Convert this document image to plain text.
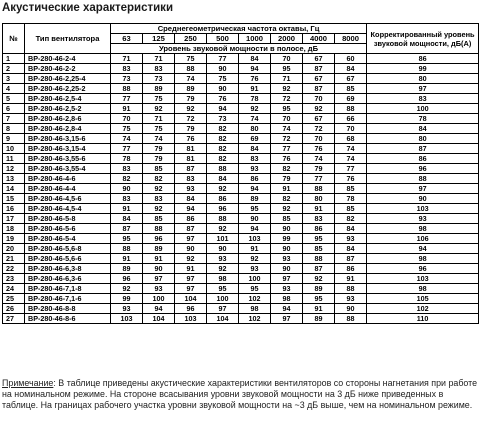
Акустические характеристики
№	Тип вентилятора	Среднегеометрическая частота октавы, Гц								Корректированный уровень звуковой мощности, дБ(А)
		63	125	250	500	1000	2000	4000	8000	
		Уровень звуковой мощности в полосе, дБ								
1	ВР-280-46-2-4	71	71	75	77	84	70	67	60	86
2	ВР-280-46-2-2	83	83	88	90	94	95	87	84	99
3	ВР-280-46-2,25-4	73	73	74	75	76	71	67	67	80
4	ВР-280-46-2,25-2	88	89	89	90	91	92	87	85	97
5	ВР-280-46-2,5-4	77	75	79	76	78	72	70	69	83
6	ВР-280-46-2,5-2	91	92	92	94	92	95	92	88	100
7	ВР-280-46-2,8-6	70	71	72	73	74	70	67	66	78
8	ВР-280-46-2,8-4	75	75	79	82	80	74	72	70	84
9	ВР-280-46-3,15-6	74	74	76	82	69	72	70	68	80
10	ВР-280-46-3,15-4	77	79	81	82	84	77	76	74	87
11	ВР-280-46-3,55-6	78	79	81	82	83	76	74	74	86
12	ВР-280-46-3,55-4	83	85	87	88	93	82	79	77	96
13	ВР-280-46-4-6	82	82	83	84	86	79	77	76	88
14	ВР-280-46-4-4	90	92	93	92	94	91	88	85	97
15	ВР-280-46-4,5-6	83	83	84	86	89	82	80	78	90
16	ВР-280-46-4,5-4	91	92	94	96	95	92	91	85	103
17	ВР-280-46-5-8	84	85	86	88	90	85	83	82	93
18	ВР-280-46-5-6	87	88	87	92	94	90	86	84	98
19	ВР-280-46-5-4	95	96	97	101	103	99	95	93	106
20	ВР-280-46-5,6-8	88	89	90	90	91	90	85	84	94
21	ВР-280-46-5,6-6	91	91	92	93	92	93	88	87	98
22	ВР-280-46-6,3-8	89	90	91	92	93	90	87	86	96
23	ВР-280-46-6,3-6	96	97	97	98	100	97	92	91	103
24	ВР-280-46-7,1-8	92	93	97	95	95	93	89	88	98
25	ВР-280-46-7,1-6	99	100	104	100	102	98	95	93	105
26	ВР-280-46-8-8	93	94	96	97	98	94	91	90	102
27	ВР-280-46-8-6	103	104	103	104	102	97	89	88	110
Примечание: В таблице приведены акустические характеристики вентиляторов со стороны нагнетания при работе на номинальном режиме. На стороне всасывания уровни звуковой мощности на 3 дБ ниже приведенных в таблице. На границах рабочего участка уровни звуковой мощности на ~3 дБ выше, чем на номинальном режиме.
